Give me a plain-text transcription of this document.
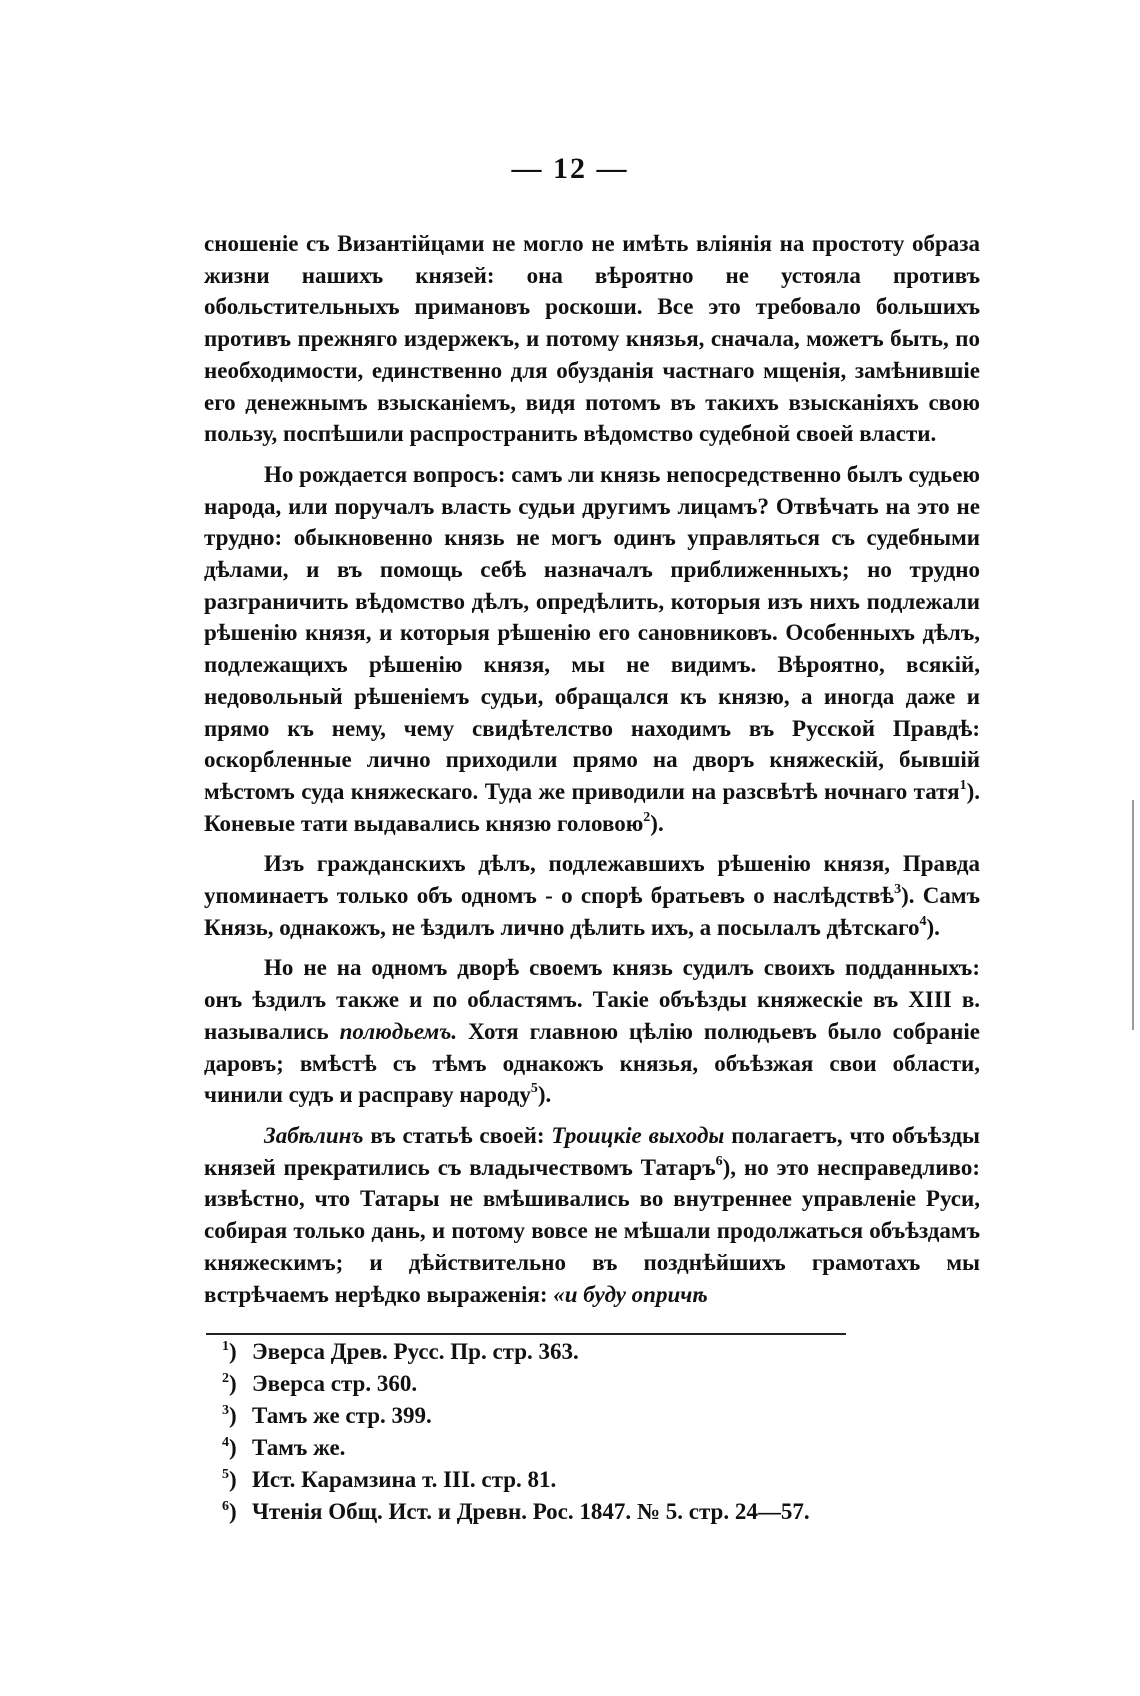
— 12 —

сношеніе съ Византійцами не могло не имѣть вліянія на простоту образа жизни нашихъ князей: она вѣроятно не устояла противъ обольстительныхъ примановъ роскоши. Все это требовало большихъ противъ прежняго издержекъ, и потому князья, сначала, можетъ быть, по необходимости, единственно для обузданія частнаго мщенія, замѣнившіе его денежнымъ взысканіемъ, видя потомъ въ такихъ взысканіяхъ свою пользу, поспѣшили распространить вѣдомство судебной своей власти.

Но рождается вопросъ: самъ ли князь непосредственно былъ судьею народа, или поручалъ власть судьи другимъ лицамъ? Отвѣчать на это не трудно: обыкновенно князь не могъ одинъ управляться съ судебными дѣлами, и въ помощь себѣ назначалъ приближенныхъ; но трудно разграничить вѣдомство дѣлъ, опредѣлить, которыя изъ нихъ подлежали рѣшенію князя, и которыя рѣшенію его сановниковъ. Особенныхъ дѣлъ, подлежащихъ рѣшенію князя, мы не видимъ. Вѣроятно, всякій, недовольный рѣшеніемъ судьи, обращался къ князю, а иногда даже и прямо къ нему, чему свидѣтелство находимъ въ Русской Правдѣ: оскорбленные лично приходили прямо на дворъ княжескій, бывшій мѣстомъ суда княжескаго. Туда же приводили на разсвѣтѣ ночнаго татя$^1$). Коневые тати выдавались князю головою$^2$).

Изъ гражданскихъ дѣлъ, подлежавшихъ рѣшенію князя, Правда упоминаетъ только объ одномъ - о спорѣ братьевъ о наслѣдствѣ$^3$). Самъ Князь, однакожъ, не ѣздилъ лично дѣлить ихъ, а посылалъ дѣтскаго$^4$).

Но не на одномъ дворѣ своемъ князь судилъ своихъ подданныхъ: онъ ѣздилъ также и по областямъ. Такіе объѣзды княжескіе въ XIII в. назывались полюдьемъ. Хотя главною цѣлію полюдьевъ было собраніе даровъ; вмѣстѣ съ тѣмъ однакожъ князья, объѣзжая свои области, чинили судъ и расправу народу$^5$).

Забѣлинъ въ статьѣ своей: Троицкіе выходы полагаетъ, что объѣзды князей прекратились съ владычествомъ Татаръ$^6$), но это несправедливо: извѣстно, что Татары не вмѣшивались во внутреннее управленіе Руси, собирая только дань, и потому вовсе не мѣшали продолжаться объѣздамъ княжескимъ; и дѣйствительно въ позднѣйшихъ грамотахъ мы встрѣчаемъ нерѣдко выраженія: «и буду опричѣ

$^1$) Эверса Древ. Русс. Пр. стр. 363.
$^2$) Эверса стр. 360.
$^3$) Тамъ же стр. 399.
$^4$) Тамъ же.
$^5$) Ист. Карамзина т. III. стр. 81.
$^6$) Чтенія Общ. Ист. и Древн. Рос. 1847. № 5. стр. 24—57.
